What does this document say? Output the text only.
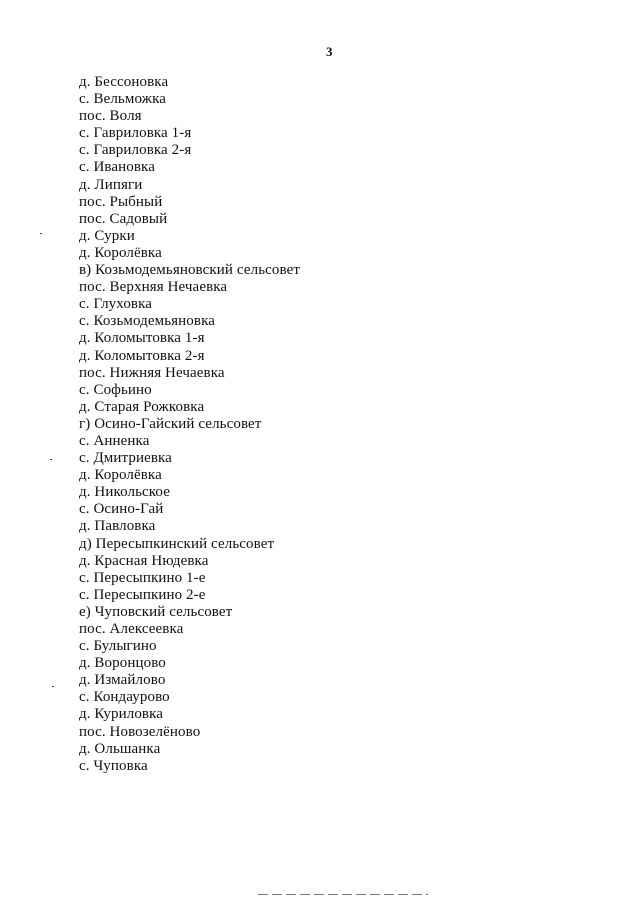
3
д. Бессоновка
с. Вельможка
пос. Воля
с. Гавриловка 1-я
с. Гавриловка 2-я
с. Ивановка
д. Липяги
пос. Рыбный
пос. Садовый
д. Сурки
д. Королёвка
в) Козьмодемьяновский сельсовет
пос. Верхняя Нечаевка
с. Глуховка
с. Козьмодемьяновка
д. Коломытовка 1-я
д. Коломытовка 2-я
пос. Нижняя Нечаевка
с. Софьино
д. Старая Рожковка
г) Осино-Гайский сельсовет
с. Анненка
с. Дмитриевка
д. Королёвка
д. Никольское
с. Осино-Гай
д. Павловка
д) Пересыпкинский сельсовет
д. Красная Нюдевка
с. Пересыпкино 1-е
с. Пересыпкино 2-е
е) Чуповский сельсовет
пос. Алексеевка
с. Булыгино
д. Воронцово
д. Измайлово
с. Кондаурово
д. Куриловка
пос. Новозелёново
д. Ольшанка
с. Чуповка
